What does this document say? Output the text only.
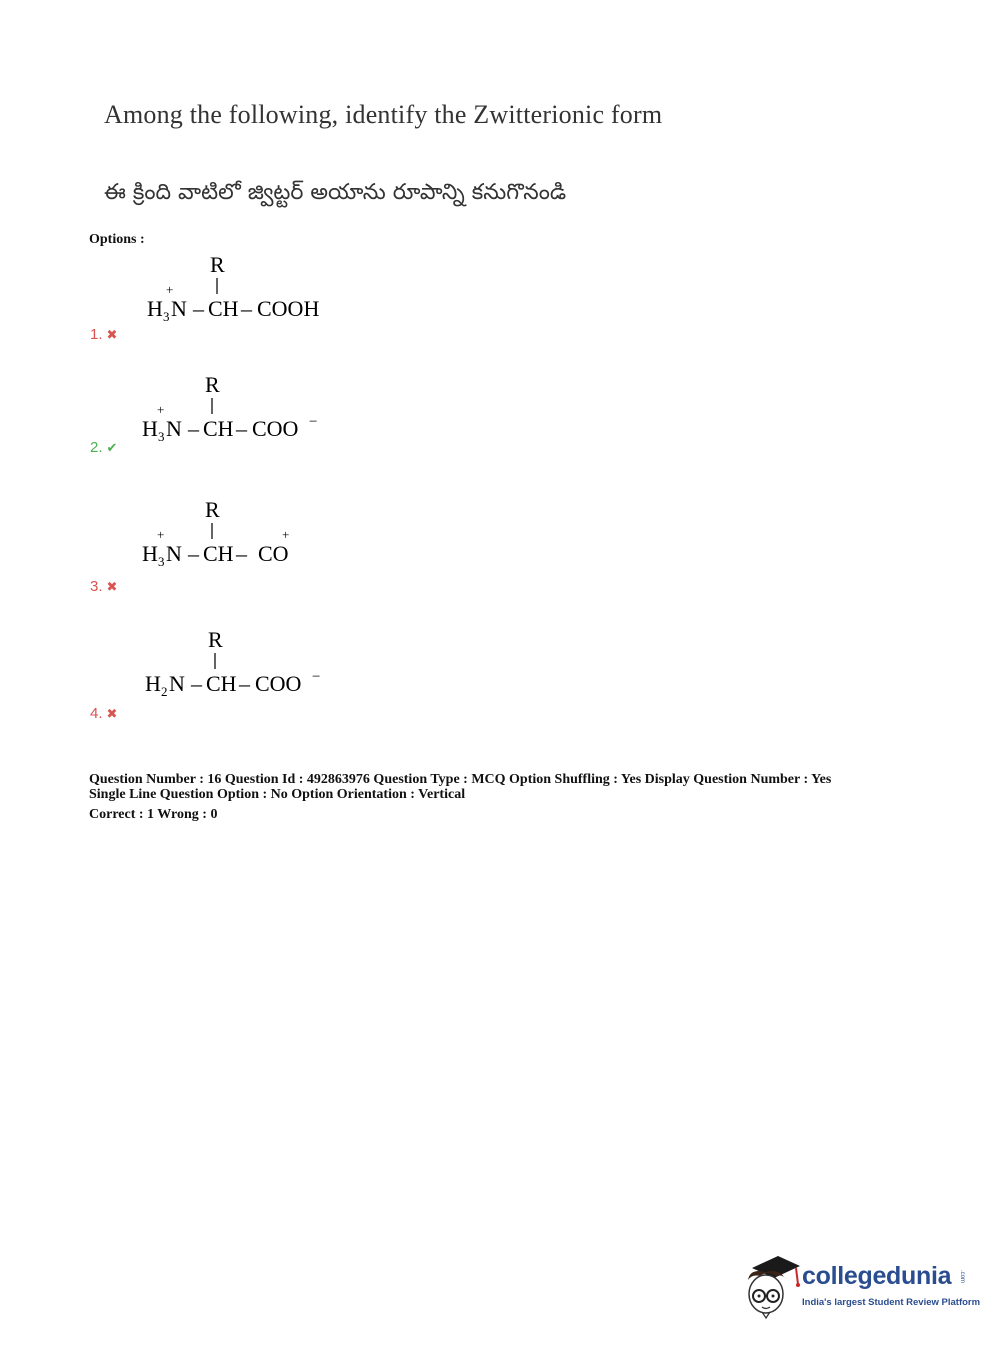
Among the following, identify the Zwitterionic form
ఈ క్రింది వాటిలో జ్విట్టర్ అయాను రూపాన్ని కనుగొనండి
Options :
R
+
H 3 N – CH – COOH
1. ✖
R
+
H 3 N – CH – COO −
2. ✔
R
+
H 3 N – CH – CO
+
3. ✖
R
H 2 N – CH – COO −
4. ✖
Question Number : 16 Question Id : 492863976 Question Type : MCQ Option Shuffling : Yes Display Question Number : Yes
Single Line Question Option : No Option Orientation : Vertical
Correct : 1 Wrong : 0
collegedunia .com
India's largest Student Review Platform
